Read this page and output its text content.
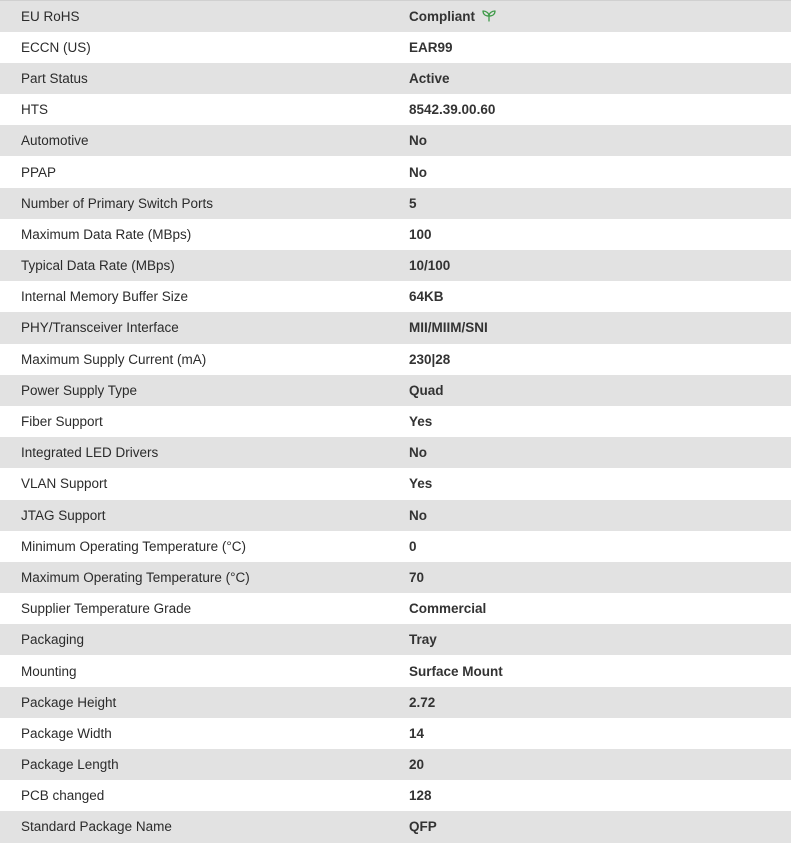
EU RoHS	Compliant
ECCN (US)	EAR99
Part Status	Active
HTS	8542.39.00.60
Automotive	No
PPAP	No
Number of Primary Switch Ports	5
Maximum Data Rate (MBps)	100
Typical Data Rate (MBps)	10/100
Internal Memory Buffer Size	64KB
PHY/Transceiver Interface	MII/MIIM/SNI
Maximum Supply Current (mA)	230|28
Power Supply Type	Quad
Fiber Support	Yes
Integrated LED Drivers	No
VLAN Support	Yes
JTAG Support	No
Minimum Operating Temperature (°C)	0
Maximum Operating Temperature (°C)	70
Supplier Temperature Grade	Commercial
Packaging	Tray
Mounting	Surface Mount
Package Height	2.72
Package Width	14
Package Length	20
PCB changed	128
Standard Package Name	QFP
